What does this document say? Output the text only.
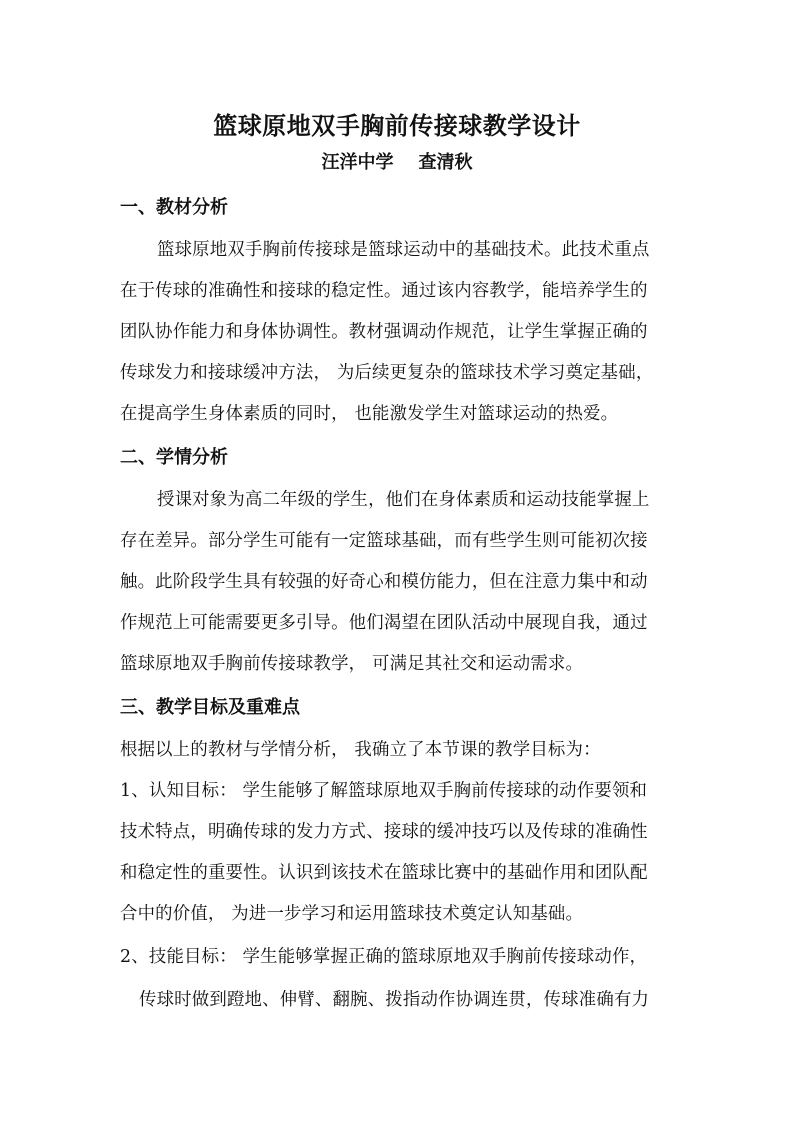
篮球原地双手胸前传接球教学设计
汪洋中学    查清秋
一、教材分析
篮球原地双手胸前传接球是篮球运动中的基础技术。此技术重点
在于传球的准确性和接球的稳定性。通过该内容教学，能培养学生的
团队协作能力和身体协调性。教材强调动作规范，让学生掌握正确的
传球发力和接球缓冲方法， 为后续更复杂的篮球技术学习奠定基础，
在提高学生身体素质的同时， 也能激发学生对篮球运动的热爱。
二、学情分析
授课对象为高二年级的学生，他们在身体素质和运动技能掌握上
存在差异。部分学生可能有一定篮球基础，而有些学生则可能初次接
触。此阶段学生具有较强的好奇心和模仿能力，但在注意力集中和动
作规范上可能需要更多引导。他们渴望在团队活动中展现自我，通过
篮球原地双手胸前传接球教学， 可满足其社交和运动需求。
三、教学目标及重难点
根据以上的教材与学情分析， 我确立了本节课的教学目标为：
1、认知目标： 学生能够了解篮球原地双手胸前传接球的动作要领和
技术特点，明确传球的发力方式、接球的缓冲技巧以及传球的准确性
和稳定性的重要性。认识到该技术在篮球比赛中的基础作用和团队配
合中的价值， 为进一步学习和运用篮球技术奠定认知基础。
2、技能目标： 学生能够掌握正确的篮球原地双手胸前传接球动作，
传球时做到蹬地、伸臂、翻腕、拨指动作协调连贯，传球准确有力
